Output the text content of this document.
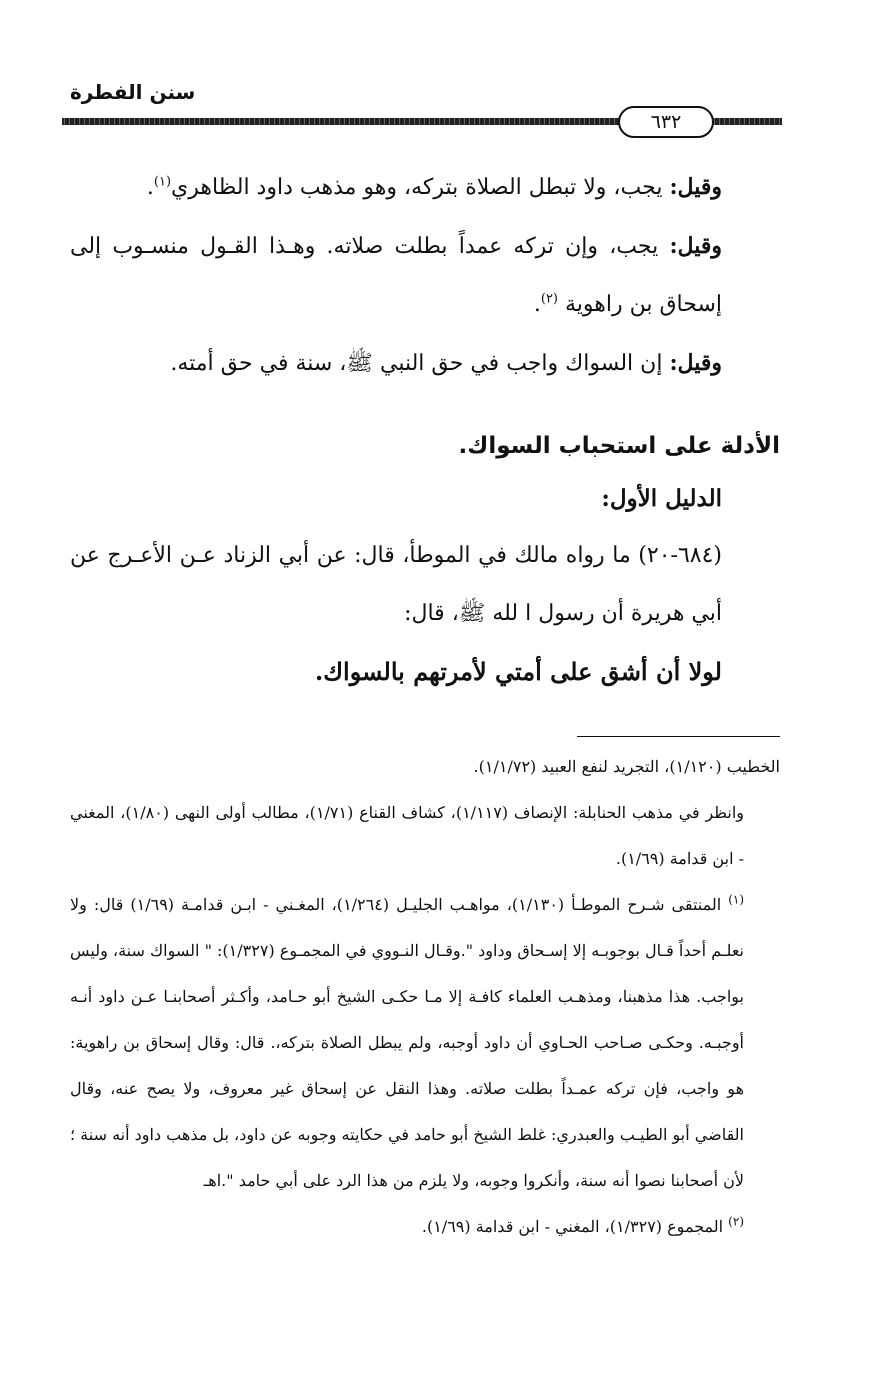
سنن الفطرة
٦٣٢

وقيل: يجب، ولا تبطل الصلاة بتركه، وهو مذهب داود الظاهري$^{(١)}$.

وقيل: يجب، وإن تركه عمداً بطلت صلاته. وهـذا القـول منسـوب إلى إسحاق بن راهوية $^{(٢)}$.

وقيل: إن السواك واجب في حق النبي ﷺ، سنة في حق أمته.

الأدلة على استحباب السواك.

الدليل الأول:

(٦٨٤-٢٠) ما رواه مالك في الموطأ، قال: عن أبي الزناد عـن الأعـرج عن أبي هريرة أن رسول ا لله ﷺ، قال:

لولا أن أشق على أمتي لأمرتهم بالسواك.

الخطيب (١/١٢٠)، التجريد لنفع العبيد (١/١/٧٢).

وانظر في مذهب الحنابلة: الإنصاف (١/١١٧)، كشاف القناع (١/٧١)، مطالب أولى النهى (١/٨٠)، المغني - ابن قدامة (١/٦٩).

$^{(١)}$ المنتقى شـرح الموطـأ (١/١٣٠)، مواهـب الجليـل (١/٢٦٤)، المغـني - ابـن قدامـة (١/٦٩) قال: ولا نعلـم أحداً قـال بوجوبـه إلا إسـحاق وداود ".وقـال النـووي في المجمـوع (١/٣٢٧): " السواك سنة، وليس بواجب. هذا مذهبنا، ومذهـب العلماء كافـة إلا مـا حكـى الشيخ أبو حـامد، وأكـثر أصحابنـا عـن داود أنـه أوجبـه. وحكـى صـاحب الحـاوي أن داود أوجبه، ولم يبطل الصلاة بتركه،. قال: وقال إسحاق بن راهوية: هو واجب، فإن تركه عمـداً بطلت صلاته. وهذا النقل عن إسحاق غير معروف، ولا يصح عنه، وقال القاضي أبو الطيـب والعبدري: غلط الشيخ أبو حامد في حكايته وجوبه عن داود، بل مذهب داود أنه سنة ؛ لأن أصحابنا نصوا أنه سنة، وأنكروا وجوبه، ولا يلزم من هذا الرد على أبي حامد ".اهـ

$^{(٢)}$ المجموع (١/٣٢٧)، المغني - ابن قدامة (١/٦٩).
